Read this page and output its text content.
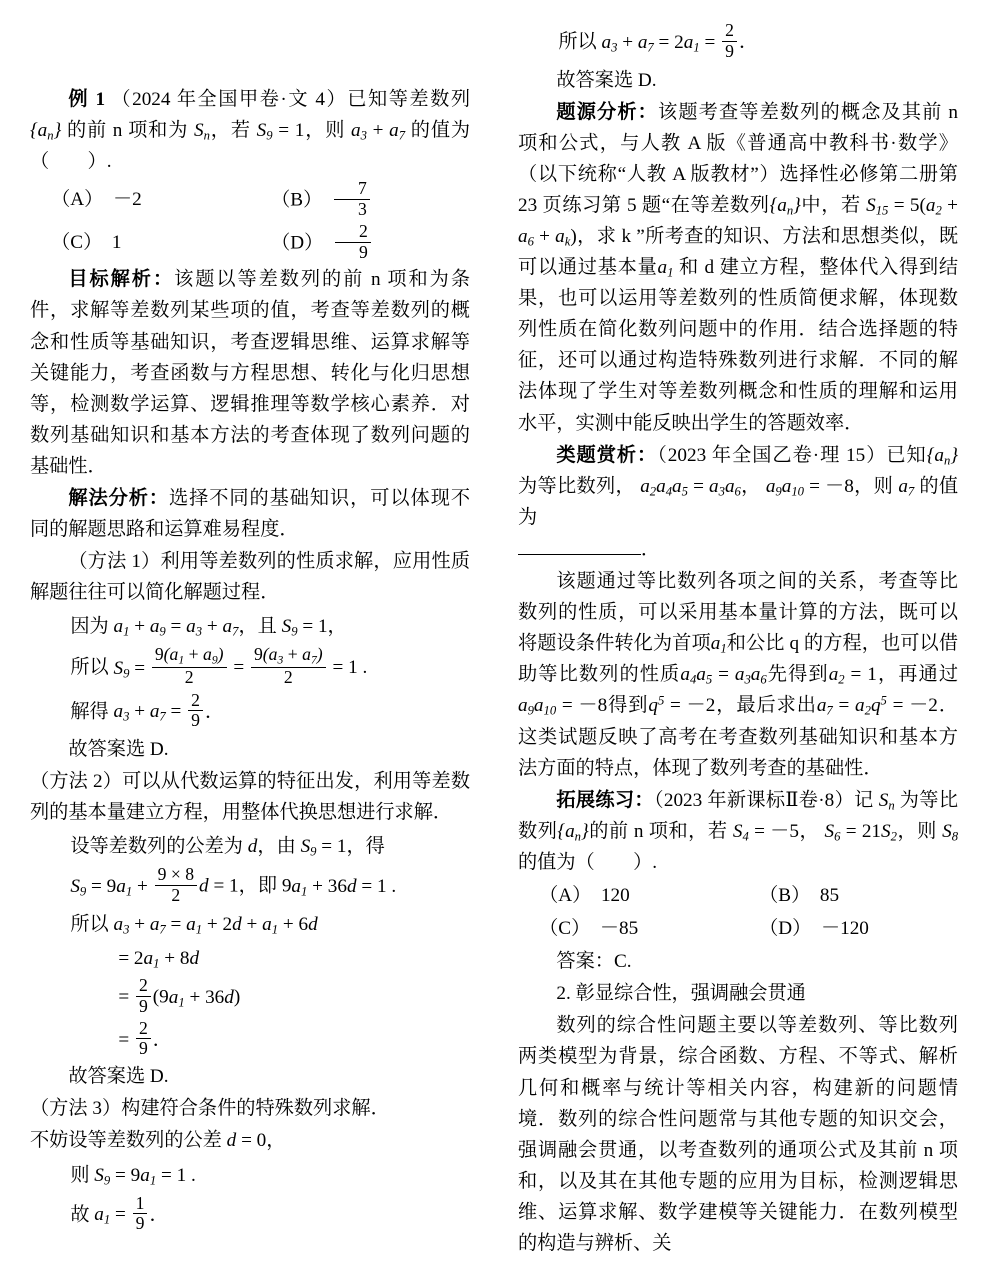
例 1 （2024 年全国甲卷·文 4）已知等差数列$\{a_n\}$ 的前 n 项和为 $S_n$，若 $S_9 = 1$，则 $a_3 + a_7$ 的值为（　　）.

（A）　 －2	（B）　 $\frac{7}{3}$
（C）　 1	（D）　 $\frac{2}{9}$

目标解析：该题以等差数列的前 n 项和为条件，求解等差数列某些项的值，考查等差数列的概念和性质等基础知识，考查逻辑思维、运算求解等关键能力，考查函数与方程思想、转化与化归思想等，检测数学运算、逻辑推理等数学核心素养．对数列基础知识和基本方法的考查体现了数列问题的基础性．

解法分析：选择不同的基础知识，可以体现不同的解题思路和运算难易程度．

（方法 1）利用等差数列的性质求解，应用性质解题往往可以简化解题过程．

因为 $a_1 + a_9 = a_3 + a_7$，且 $S_9 = 1$，

所以 $S_9 = \frac{9(a_1 + a_9)}{2} = \frac{9(a_3 + a_7)}{2} = 1$ .

解得 $a_3 + a_7 = \frac{2}{9}$ ．

故答案选 D.

（方法 2）可以从代数运算的特征出发，利用等差数列的基本量建立方程，用整体代换思想进行求解．

设等差数列的公差为 d，由 $S_9 = 1$，得

$S_9 = 9a_1 + \frac{9 \times 8}{2}$ d = 1，即 $9a_1 + 36d = 1$ .

所以 $a_3 + a_7 = a_1 + 2d + a_1 + 6d$

= $2a_1 + 8d$

= $\frac{2}{9} (9a_1 + 36d)$

= $\frac{2}{9}$ ．

故答案选 D.

（方法 3）构建符合条件的特殊数列求解．

不妨设等差数列的公差 d = 0，

则 $S_9 = 9a_1 = 1$ .

故 $a_1 = \frac{1}{9}$ ．

所以 $a_3 + a_7 = 2a_1 = \frac{2}{9}$ ．

故答案选 D.

题源分析：该题考查等差数列的概念及其前 n 项和公式，与人教 A 版《普通高中教科书·数学》（以下统称“人教 A 版教材”）选择性必修第二册第 23 页练习第 5 题“在等差数列$\{a_n\}$中，若 $S_{15} = 5(a_2 + a_6 + a_k)$，求 k ”所考查的知识、方法和思想类似，既可以通过基本量$a_1$ 和 d 建立方程，整体代入得到结果，也可以运用等差数列的性质简便求解，体现数列性质在简化数列问题中的作用．结合选择题的特征，还可以通过构造特殊数列进行求解．不同的解法体现了学生对等差数列概念和性质的理解和运用水平，实测中能反映出学生的答题效率．

类题赏析：（2023 年全国乙卷·理 15）已知$\{a_n\}$ 为等比数列， $a_2a_4a_5 = a_3a_6$， $a_9a_{10} = -8$，则 $a_7$ 的值为

．

该题通过等比数列各项之间的关系，考查等比数列的性质，可以采用基本量计算的方法，既可以将题设条件转化为首项$a_1$和公比 q 的方程，也可以借助等比数列的性质$a_4a_5 = a_3a_6$先得到$a_2 = 1$，再通过$a_9a_{10} = -8$得到$q^5 = -2$，最后求出$a_7 = a_2q^5 = -2$．这类试题反映了高考在考查数列基础知识和基本方法方面的特点，体现了数列考查的基础性．

拓展练习：（2023 年新课标Ⅱ卷·8）记 $S_n$ 为等比数列$\{a_n\}$的前 n 项和，若 $S_4 = -5$， $S_6 = 21S_2$，则 $S_8$ 的值为（　　）.

（A）　 120	（B）　 85
（C）　 －85	（D）　 －120

答案：C.

2. 彰显综合性，强调融会贯通

数列的综合性问题主要以等差数列、等比数列两类模型为背景，综合函数、方程、不等式、解析几何和概率与统计等相关内容，构建新的问题情境．数列的综合性问题常与其他专题的知识交会，强调融会贯通，以考查数列的通项公式及其前 n 项和，以及其在其他专题的应用为目标，检测逻辑思维、运算求解、数学建模等关键能力．在数列模型的构造与辨析、关
